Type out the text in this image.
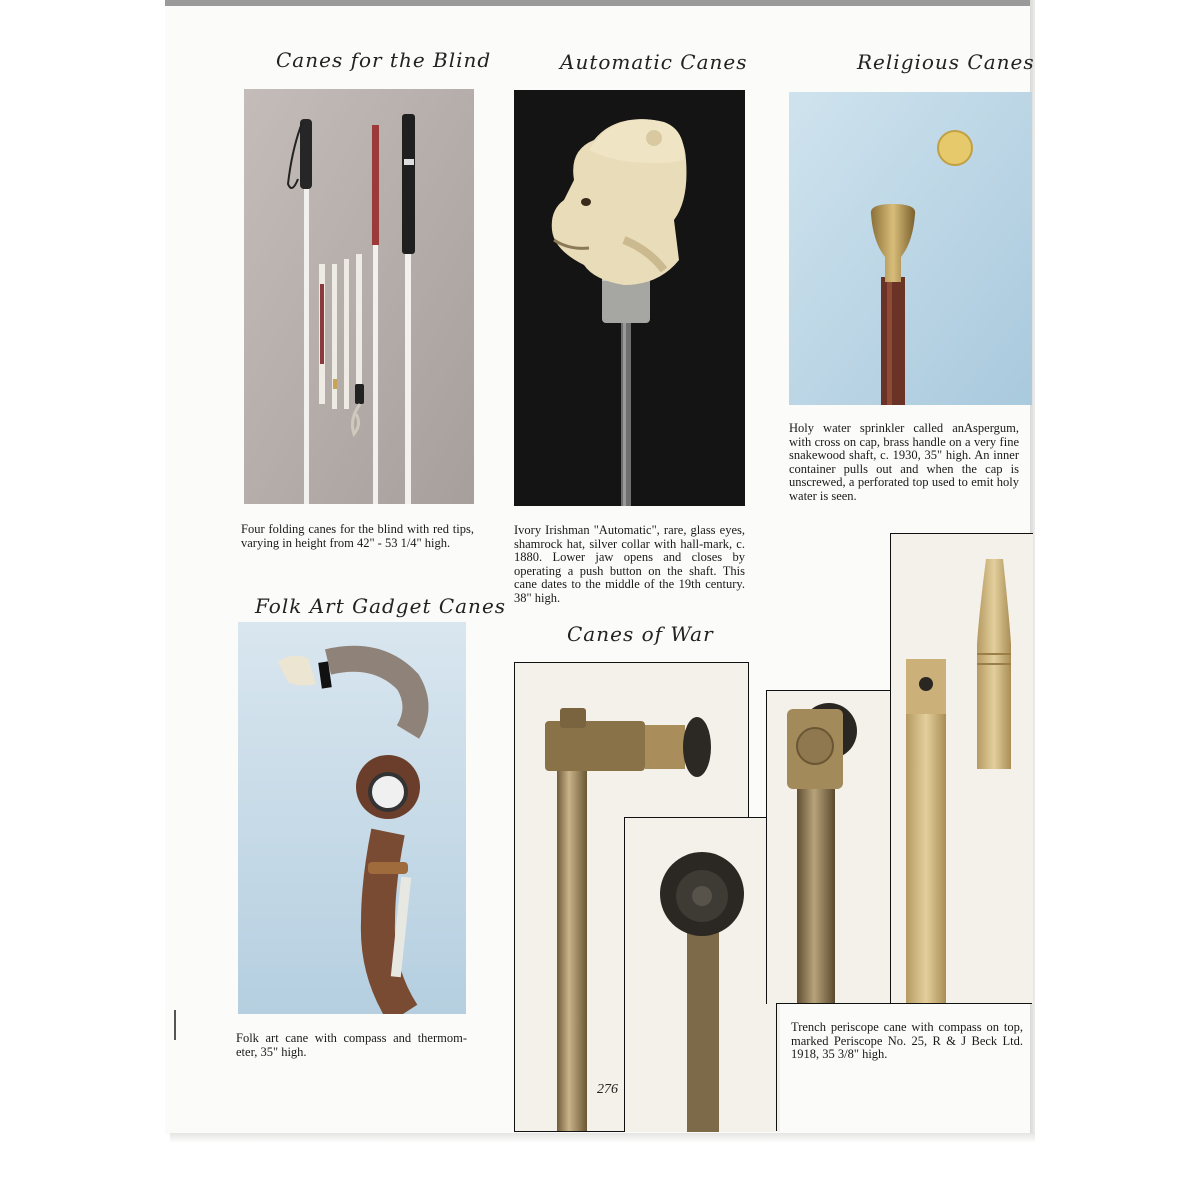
Canes for the Blind
Four folding canes for the blind with red tips, varying in height from 42" - 53 1/4" high.
Automatic Canes
Ivory Irishman "Automatic", rare, glass eyes, shamrock hat, silver collar with hall-mark, c. 1880. Lower jaw opens and closes by operating a push button on the shaft. This cane dates to the middle of the 19th century. 38" high.
Religious Canes
Holy water sprinkler called anAspergum, with cross on cap, brass handle on a very fine snakewood shaft, c. 1930, 35" high. An inner container pulls out and when the cap is unscrewed, a perforated top used to emit holy water is seen.
Folk Art Gadget Canes
Folk art cane with compass and thermom-eter, 35" high.
Canes of War
Trench periscope cane with compass on top, marked Periscope No. 25, R & J Beck Ltd. 1918, 35 3/8" high.
276
